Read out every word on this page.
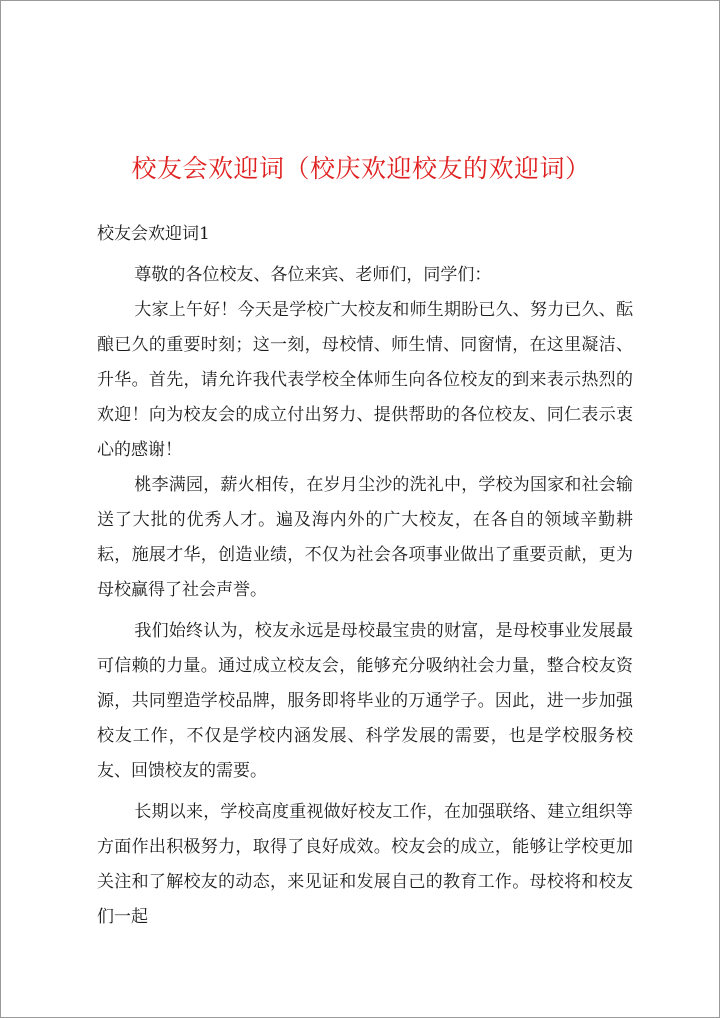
校友会欢迎词（校庆欢迎校友的欢迎词）

校友会欢迎词1

尊敬的各位校友、各位来宾、老师们，同学们：

大家上午好！今天是学校广大校友和师生期盼已久、努力已久、酝酿已久的重要时刻；这一刻，母校情、师生情、同窗情，在这里凝洁、升华。首先，请允许我代表学校全体师生向各位校友的到来表示热烈的欢迎！向为校友会的成立付出努力、提供帮助的各位校友、同仁表示衷心的感谢！

桃李满园，薪火相传，在岁月尘沙的洗礼中，学校为国家和社会输送了大批的优秀人才。遍及海内外的广大校友，在各自的领域辛勤耕耘，施展才华，创造业绩，不仅为社会各项事业做出了重要贡献，更为母校赢得了社会声誉。

我们始终认为，校友永远是母校最宝贵的财富，是母校事业发展最可信赖的力量。通过成立校友会，能够充分吸纳社会力量，整合校友资源，共同塑造学校品牌，服务即将毕业的万通学子。因此，进一步加强校友工作，不仅是学校内涵发展、科学发展的需要，也是学校服务校友、回馈校友的需要。

长期以来，学校高度重视做好校友工作，在加强联络、建立组织等方面作出积极努力，取得了良好成效。校友会的成立，能够让学校更加关注和了解校友的动态，来见证和发展自己的教育工作。母校将和校友们一起
